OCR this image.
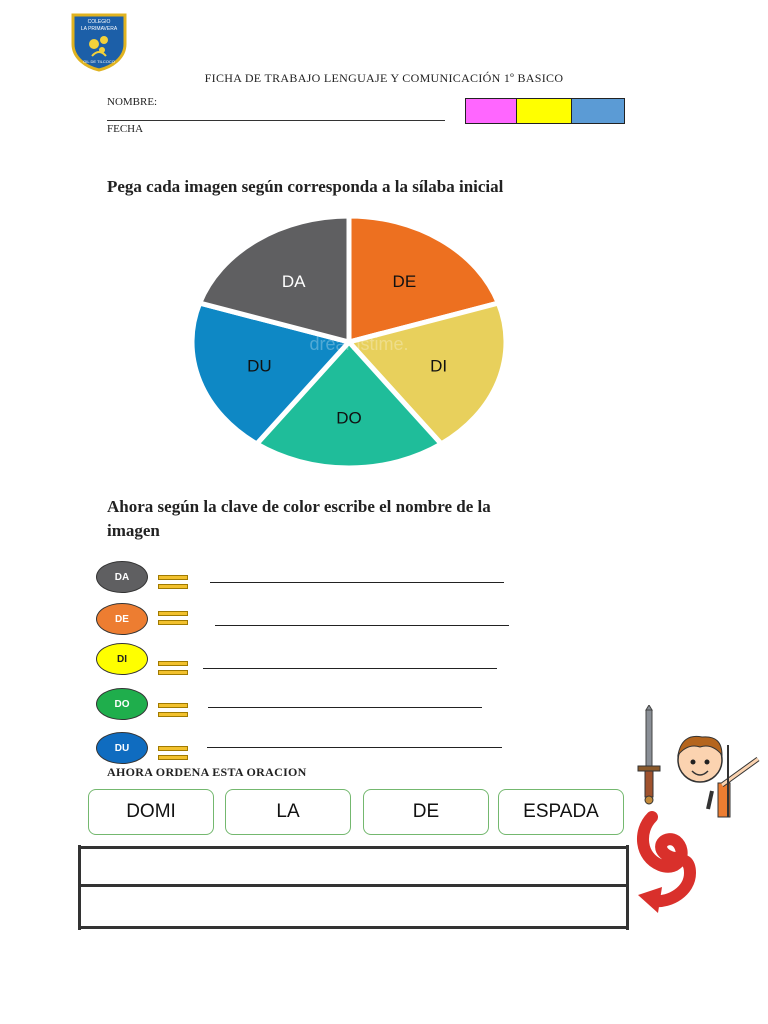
COLEGIO
LA PRIMAVERA
GIL DE TILCOCO
FICHA DE TRABAJO LENGUAJE Y COMUNICACIÓN 1º BASICO
NOMBRE:
FECHA
Pega cada imagen según corresponda a la sílaba inicial
DE
DI
DO
DU
DA
dreamstime.
Ahora según la clave de color escribe el nombre de la
imagen
DA
DE
DI
DO
DU
AHORA ORDENA ESTA ORACION
DOMI	LA	DE	ESPADA
